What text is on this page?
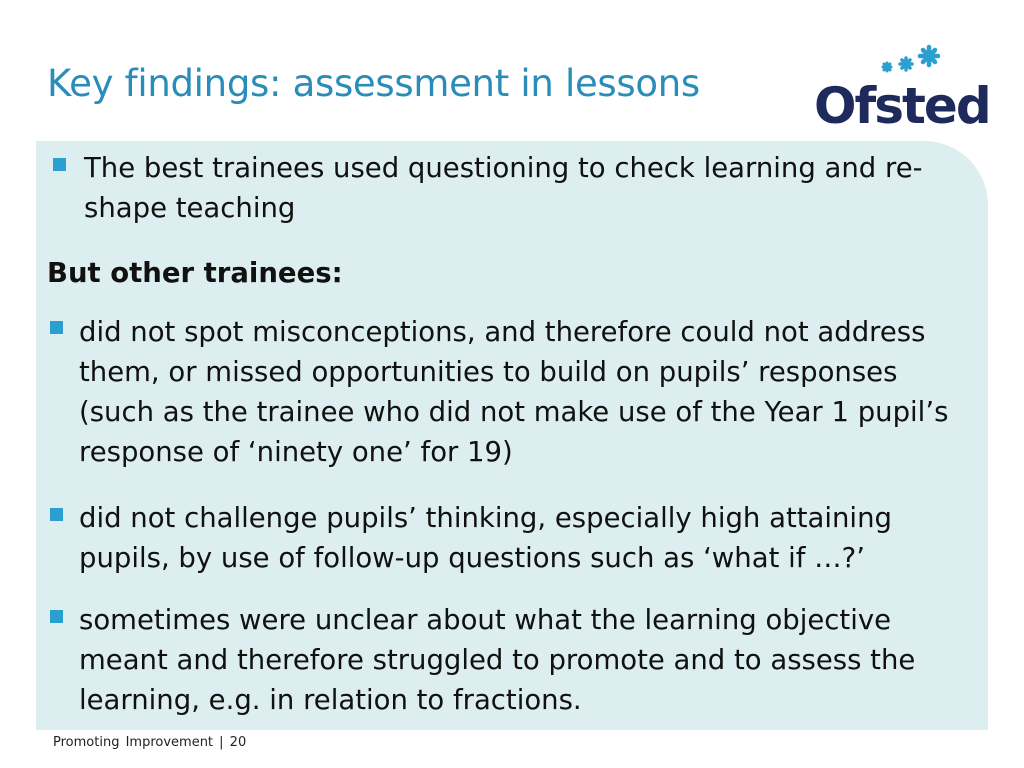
Key findings: assessment in lessons Ofsted
The best trainees used questioning to check learning and re-shape teaching
But other trainees:
did not spot misconceptions, and therefore could not address them, or missed opportunities to build on pupils’ responses (such as the trainee who did not make use of the Year 1 pupil’s response of ‘ninety one’ for 19)
did not challenge pupils’ thinking, especially high attaining pupils, by use of follow-up questions such as ‘what if …?’
sometimes were unclear about what the learning objective meant and therefore struggled to promote and to assess the learning, e.g. in relation to fractions.
Promoting Improvement | 20
